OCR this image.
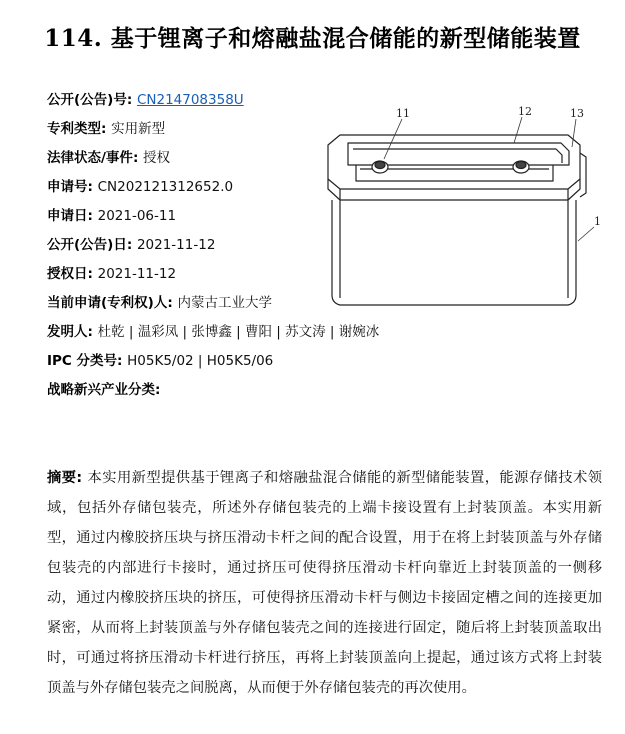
114. 基于锂离子和熔融盐混合储能的新型储能装置
公开(公告)号: CN214708358U
专利类型: 实用新型
法律状态/事件: 授权
申请号: CN202121312652.0
申请日: 2021-06-11
公开(公告)日: 2021-11-12
授权日: 2021-11-12
当前申请(专利权)人: 内蒙古工业大学
发明人: 杜乾 | 温彩凤 | 张博鑫 | 曹阳 | 苏文涛 | 谢婉冰
IPC 分类号: H05K5/02 | H05K5/06
战略新兴产业分类:
11	12	13
1
摘要: 本实用新型提供基于锂离子和熔融盐混合储能的新型储能装置，能源存储技术领域，包括外存储包装壳，所述外存储包装壳的上端卡接设置有上封装顶盖。本实用新型，通过内橡胶挤压块与挤压滑动卡杆之间的配合设置，用于在将上封装顶盖与外存储包装壳的内部进行卡接时，通过挤压可使得挤压滑动卡杆向靠近上封装顶盖的一侧移动，通过内橡胶挤压块的挤压，可使得挤压滑动卡杆与侧边卡接固定槽之间的连接更加紧密，从而将上封装顶盖与外存储包装壳之间的连接进行固定，随后将上封装顶盖取出时，可通过将挤压滑动卡杆进行挤压，再将上封装顶盖向上提起，通过该方式将上封装顶盖与外存储包装壳之间脱离，从而便于外存储包装壳的再次使用。
